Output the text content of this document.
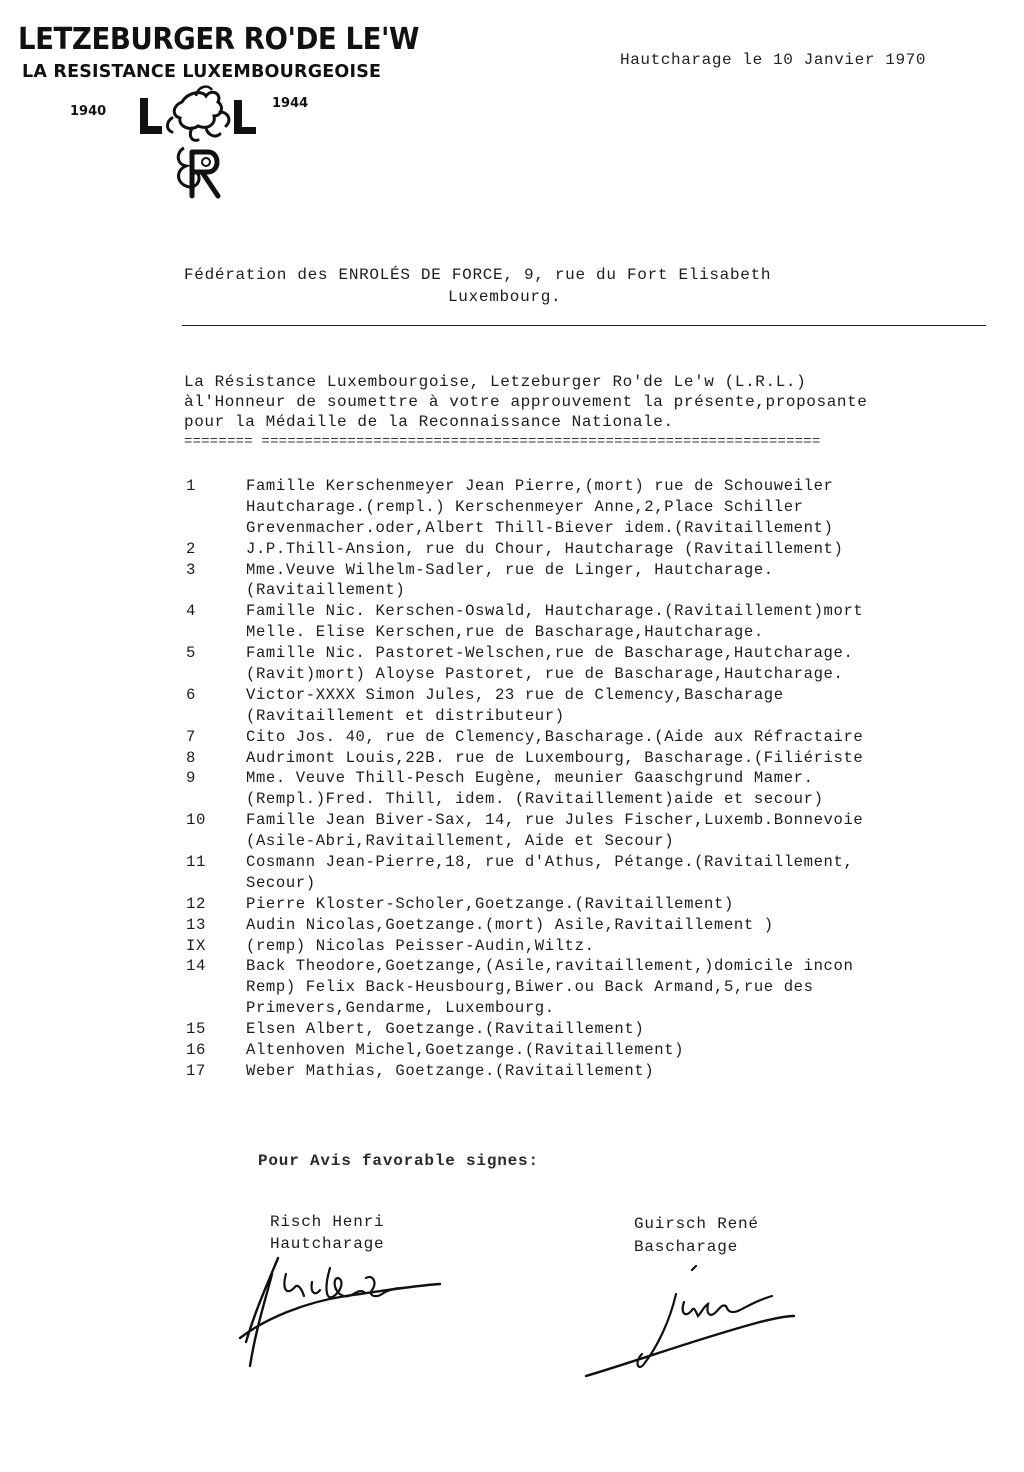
LETZEBURGER RO'DE LE'W
LA RESISTANCE LUXEMBOURGEOISE
1940
1944
Hautcharage le 10 Janvier 1970
Fédération des ENROLÉS DE FORCE, 9, rue du Fort Elisabeth
Luxembourg.
La Résistance Luxembourgoise, Letzeburger Ro'de Le'w (L.R.L.)
àl'Honneur de soumettre à votre approuvement la présente,proposante
pour la Médaille de la Reconnaissance Nationale.
======== =================================================================
1	Famille Kerschenmeyer Jean Pierre,(mort) rue de Schouweiler
Hautcharage.(rempl.) Kerschenmeyer Anne,2,Place Schiller
Grevenmacher.oder,Albert Thill-Biever idem.(Ravitaillement)
2	J.P.Thill-Ansion, rue du Chour, Hautcharage (Ravitaillement)
3	Mme.Veuve Wilhelm-Sadler, rue de Linger, Hautcharage.
(Ravitaillement)
4	Famille Nic. Kerschen-Oswald, Hautcharage.(Ravitaillement)mort
Melle. Elise Kerschen,rue de Bascharage,Hautcharage.
5	Famille Nic. Pastoret-Welschen,rue de Bascharage,Hautcharage.
(Ravit)mort) Aloyse Pastoret, rue de Bascharage,Hautcharage.
6	Victor-XXXX Simon Jules, 23 rue de Clemency,Bascharage
(Ravitaillement et distributeur)
7	Cito Jos. 40, rue de Clemency,Bascharage.(Aide aux Réfractaire
8	Audrimont Louis,22B. rue de Luxembourg, Bascharage.(Filiériste
9	Mme. Veuve Thill-Pesch Eugène, meunier Gaaschgrund Mamer.
(Rempl.)Fred. Thill, idem. (Ravitaillement)aide et secour)
10	Famille Jean Biver-Sax, 14, rue Jules Fischer,Luxemb.Bonnevoie
(Asile-Abri,Ravitaillement, Aide et Secour)
11	Cosmann Jean-Pierre,18, rue d'Athus, Pétange.(Ravitaillement,
Secour)
12	Pierre Kloster-Scholer,Goetzange.(Ravitaillement)
13	Audin Nicolas,Goetzange.(mort) Asile,Ravitaillement )
IX	(remp) Nicolas Peisser-Audin,Wiltz.
14	Back Theodore,Goetzange,(Asile,ravitaillement,)domicile incon
Remp) Felix Back-Heusbourg,Biwer.ou Back Armand,5,rue des
Primevers,Gendarme, Luxembourg.
15	Elsen Albert, Goetzange.(Ravitaillement)
16	Altenhoven Michel,Goetzange.(Ravitaillement)
17	Weber Mathias, Goetzange.(Ravitaillement)
Pour Avis favorable signes:
Risch Henri
Hautcharage
Guirsch René
Bascharage
